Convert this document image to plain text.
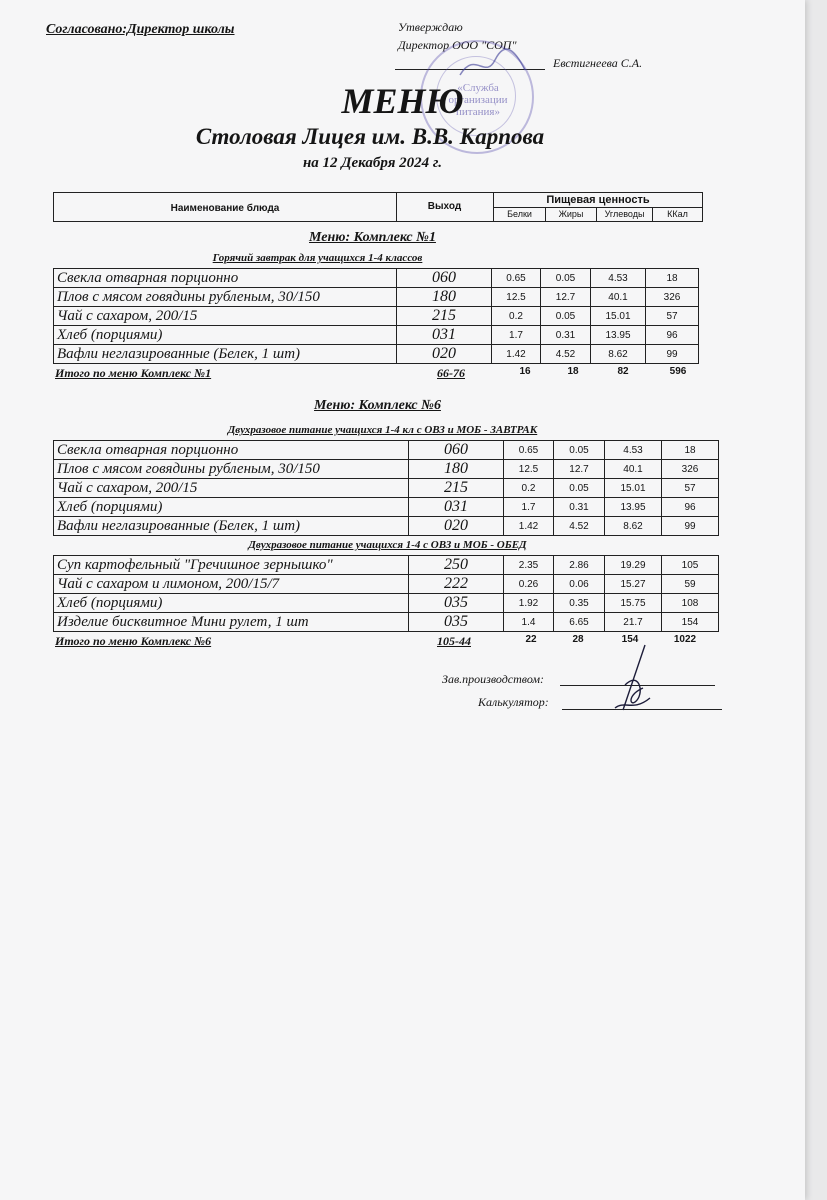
Согласовано:Директор школы	Утверждаю
Директор ООО "СОП"
Евстигнеева С.А.
«Служба организации питания»
МЕНЮ
Столовая Лицея им. В.В. Карпова
на 12 Декабря 2024 г.
Наименование блюда	Выход
Пищевая ценность
Белки	Жиры	Углеводы	ККал
Меню: Комплекс №1
Горячий завтрак для учащихся 1-4 классов
Свекла отварная порционно	060	0.65	0.05	4.53	18
Плов с мясом говядины рубленым, 30/150	180	12.5	12.7	40.1	326
Чай с сахаром, 200/15	215	0.2	0.05	15.01	57
Хлеб (порциями)	031	1.7	0.31	13.95	96
Вафли неглазированные (Белек, 1 шт)	020	1.42	4.52	8.62	99
Итого по меню Комплекс №1	66-76	16	18	82	596
Меню: Комплекс №6
Двухразовое питание учащихся 1-4 кл с ОВЗ и МОБ - ЗАВТРАК
Свекла отварная порционно	060	0.65	0.05	4.53	18
Плов с мясом говядины рубленым, 30/150	180	12.5	12.7	40.1	326
Чай с сахаром, 200/15	215	0.2	0.05	15.01	57
Хлеб (порциями)	031	1.7	0.31	13.95	96
Вафли неглазированные (Белек, 1 шт)	020	1.42	4.52	8.62	99
Двухразовое питание учащихся 1-4 с ОВЗ и МОБ - ОБЕД
Суп картофельный "Гречишное зернышко"	250	2.35	2.86	19.29	105
Чай с сахаром и лимоном, 200/15/7	222	0.26	0.06	15.27	59
Хлеб (порциями)	035	1.92	0.35	15.75	108
Изделие бисквитное Мини рулет, 1 шт	035	1.4	6.65	21.7	154
Итого по меню Комплекс №6	105-44	22	28	154	1022
Зав.производством:
Калькулятор:
